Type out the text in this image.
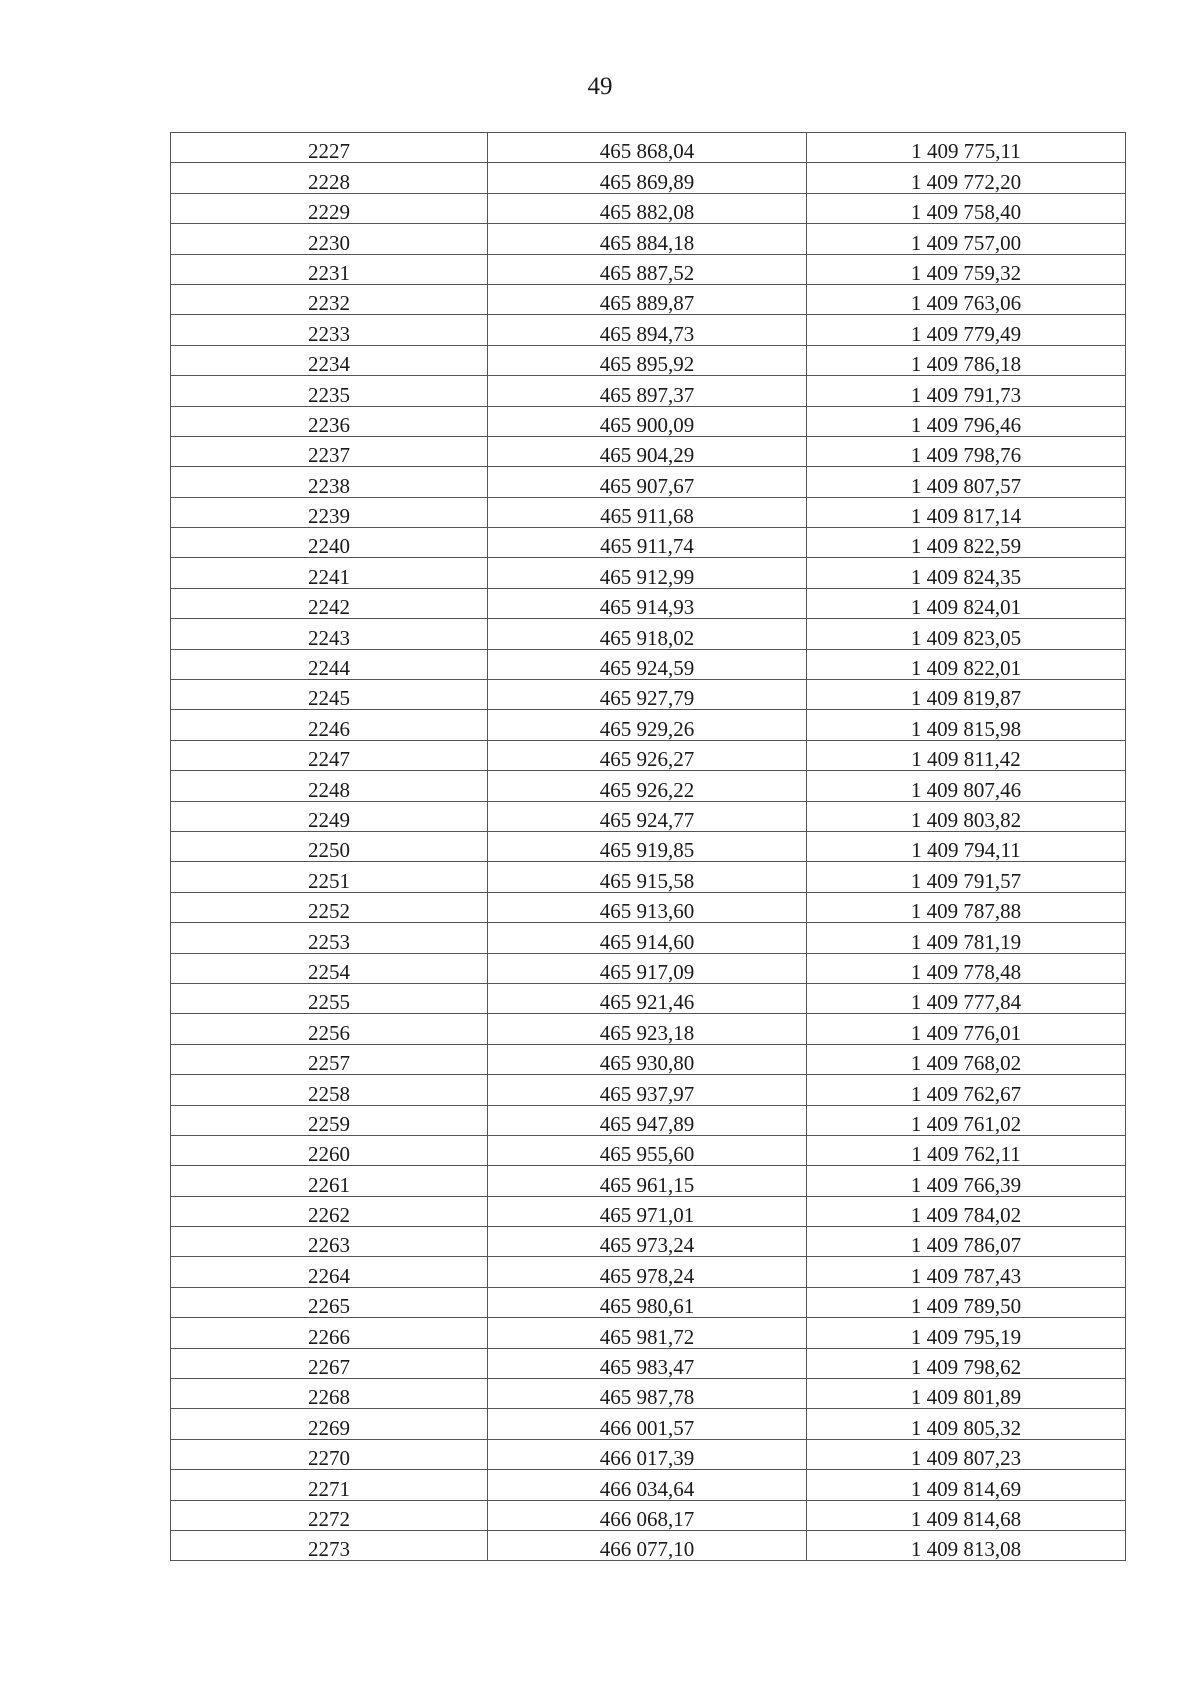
49
2227	465 868,04	1 409 775,11
2228	465 869,89	1 409 772,20
2229	465 882,08	1 409 758,40
2230	465 884,18	1 409 757,00
2231	465 887,52	1 409 759,32
2232	465 889,87	1 409 763,06
2233	465 894,73	1 409 779,49
2234	465 895,92	1 409 786,18
2235	465 897,37	1 409 791,73
2236	465 900,09	1 409 796,46
2237	465 904,29	1 409 798,76
2238	465 907,67	1 409 807,57
2239	465 911,68	1 409 817,14
2240	465 911,74	1 409 822,59
2241	465 912,99	1 409 824,35
2242	465 914,93	1 409 824,01
2243	465 918,02	1 409 823,05
2244	465 924,59	1 409 822,01
2245	465 927,79	1 409 819,87
2246	465 929,26	1 409 815,98
2247	465 926,27	1 409 811,42
2248	465 926,22	1 409 807,46
2249	465 924,77	1 409 803,82
2250	465 919,85	1 409 794,11
2251	465 915,58	1 409 791,57
2252	465 913,60	1 409 787,88
2253	465 914,60	1 409 781,19
2254	465 917,09	1 409 778,48
2255	465 921,46	1 409 777,84
2256	465 923,18	1 409 776,01
2257	465 930,80	1 409 768,02
2258	465 937,97	1 409 762,67
2259	465 947,89	1 409 761,02
2260	465 955,60	1 409 762,11
2261	465 961,15	1 409 766,39
2262	465 971,01	1 409 784,02
2263	465 973,24	1 409 786,07
2264	465 978,24	1 409 787,43
2265	465 980,61	1 409 789,50
2266	465 981,72	1 409 795,19
2267	465 983,47	1 409 798,62
2268	465 987,78	1 409 801,89
2269	466 001,57	1 409 805,32
2270	466 017,39	1 409 807,23
2271	466 034,64	1 409 814,69
2272	466 068,17	1 409 814,68
2273	466 077,10	1 409 813,08
